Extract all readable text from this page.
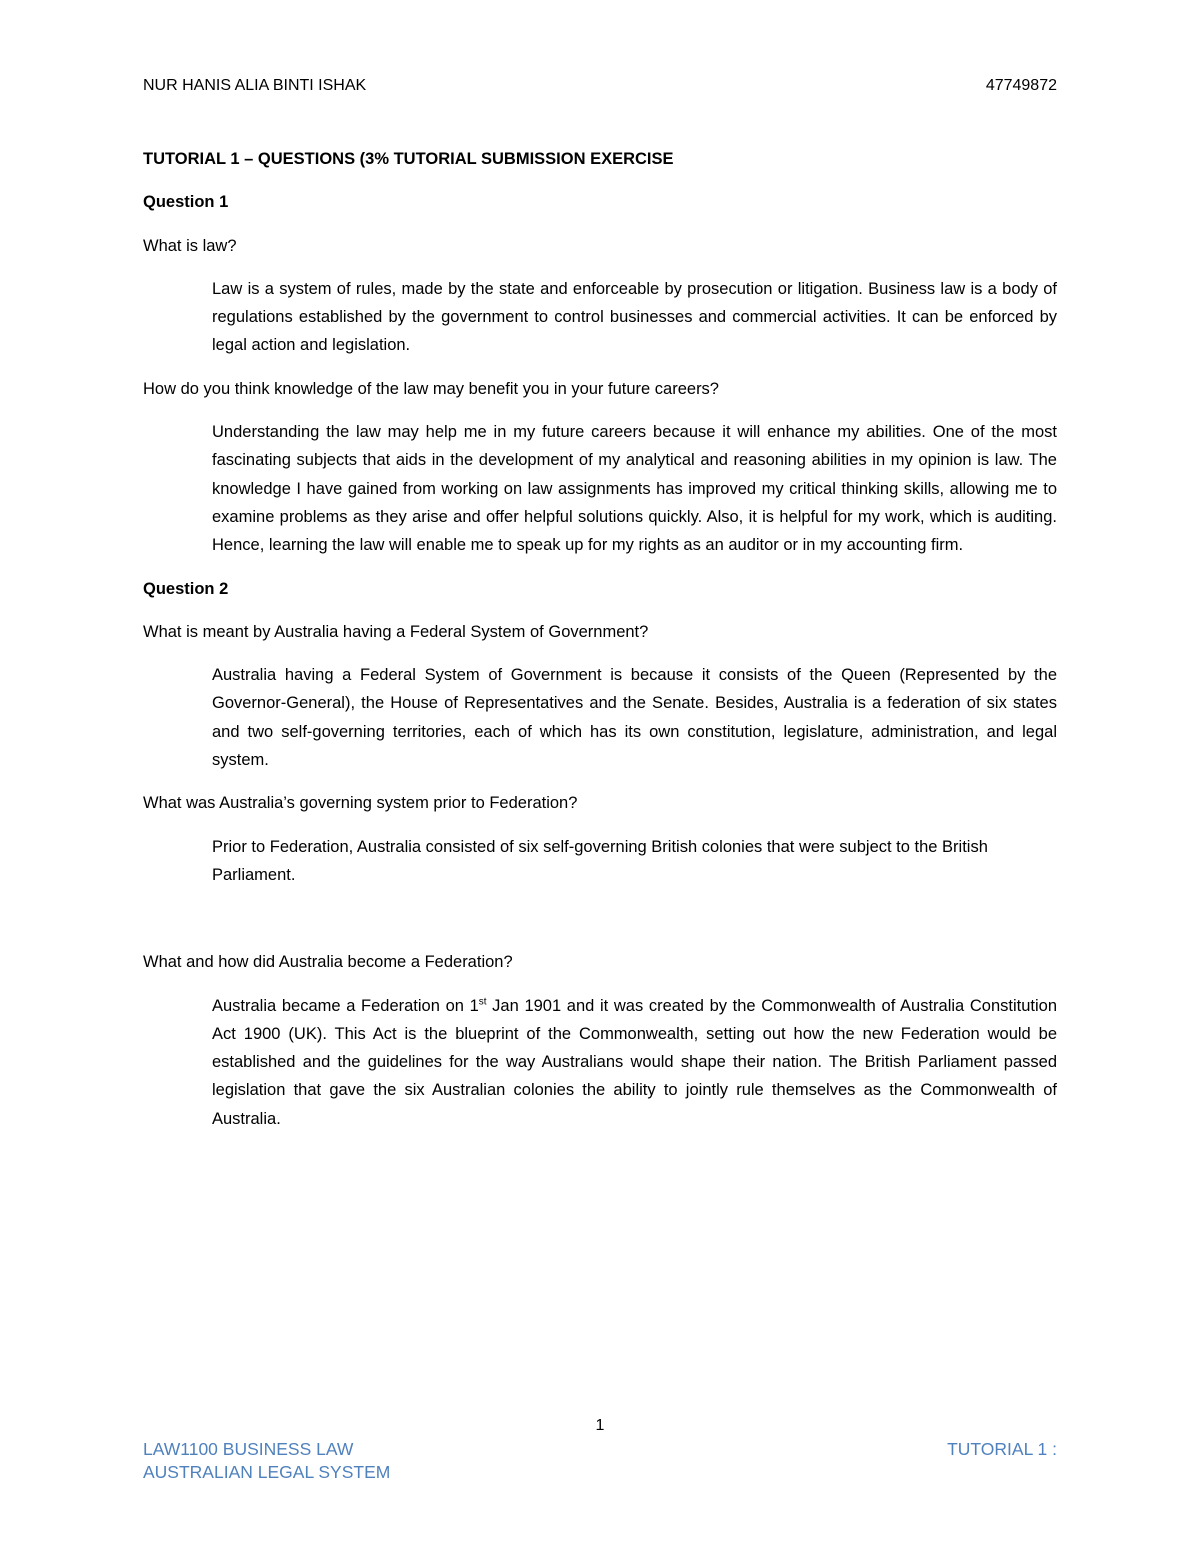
NUR HANIS ALIA BINTI ISHAK	47749872

TUTORIAL 1 – QUESTIONS (3% TUTORIAL SUBMISSION EXERCISE

Question 1

What is law?

Law is a system of rules, made by the state and enforceable by prosecution or litigation. Business law is a body of regulations established by the government to control businesses and commercial activities. It can be enforced by legal action and legislation.

How do you think knowledge of the law may benefit you in your future careers?

Understanding the law may help me in my future careers because it will enhance my abilities. One of the most fascinating subjects that aids in the development of my analytical and reasoning abilities in my opinion is law. The knowledge I have gained from working on law assignments has improved my critical thinking skills, allowing me to examine problems as they arise and offer helpful solutions quickly. Also, it is helpful for my work, which is auditing. Hence, learning the law will enable me to speak up for my rights as an auditor or in my accounting firm.

Question 2

What is meant by Australia having a Federal System of Government?

Australia having a Federal System of Government is because it consists of the Queen (Represented by the Governor-General), the House of Representatives and the Senate. Besides, Australia is a federation of six states and two self-governing territories, each of which has its own constitution, legislature, administration, and legal system.

What was Australia’s governing system prior to Federation?

Prior to Federation, Australia consisted of six self-governing British colonies that were subject to the British Parliament.

What and how did Australia become a Federation?

Australia became a Federation on 1st Jan 1901 and it was created by the Commonwealth of Australia Constitution Act 1900 (UK). This Act is the blueprint of the Commonwealth, setting out how the new Federation would be established and the guidelines for the way Australians would shape their nation. The British Parliament passed legislation that gave the six Australian colonies the ability to jointly rule themselves as the Commonwealth of Australia.

1
LAW1100 BUSINESS LAW	TUTORIAL 1 :
AUSTRALIAN LEGAL SYSTEM
